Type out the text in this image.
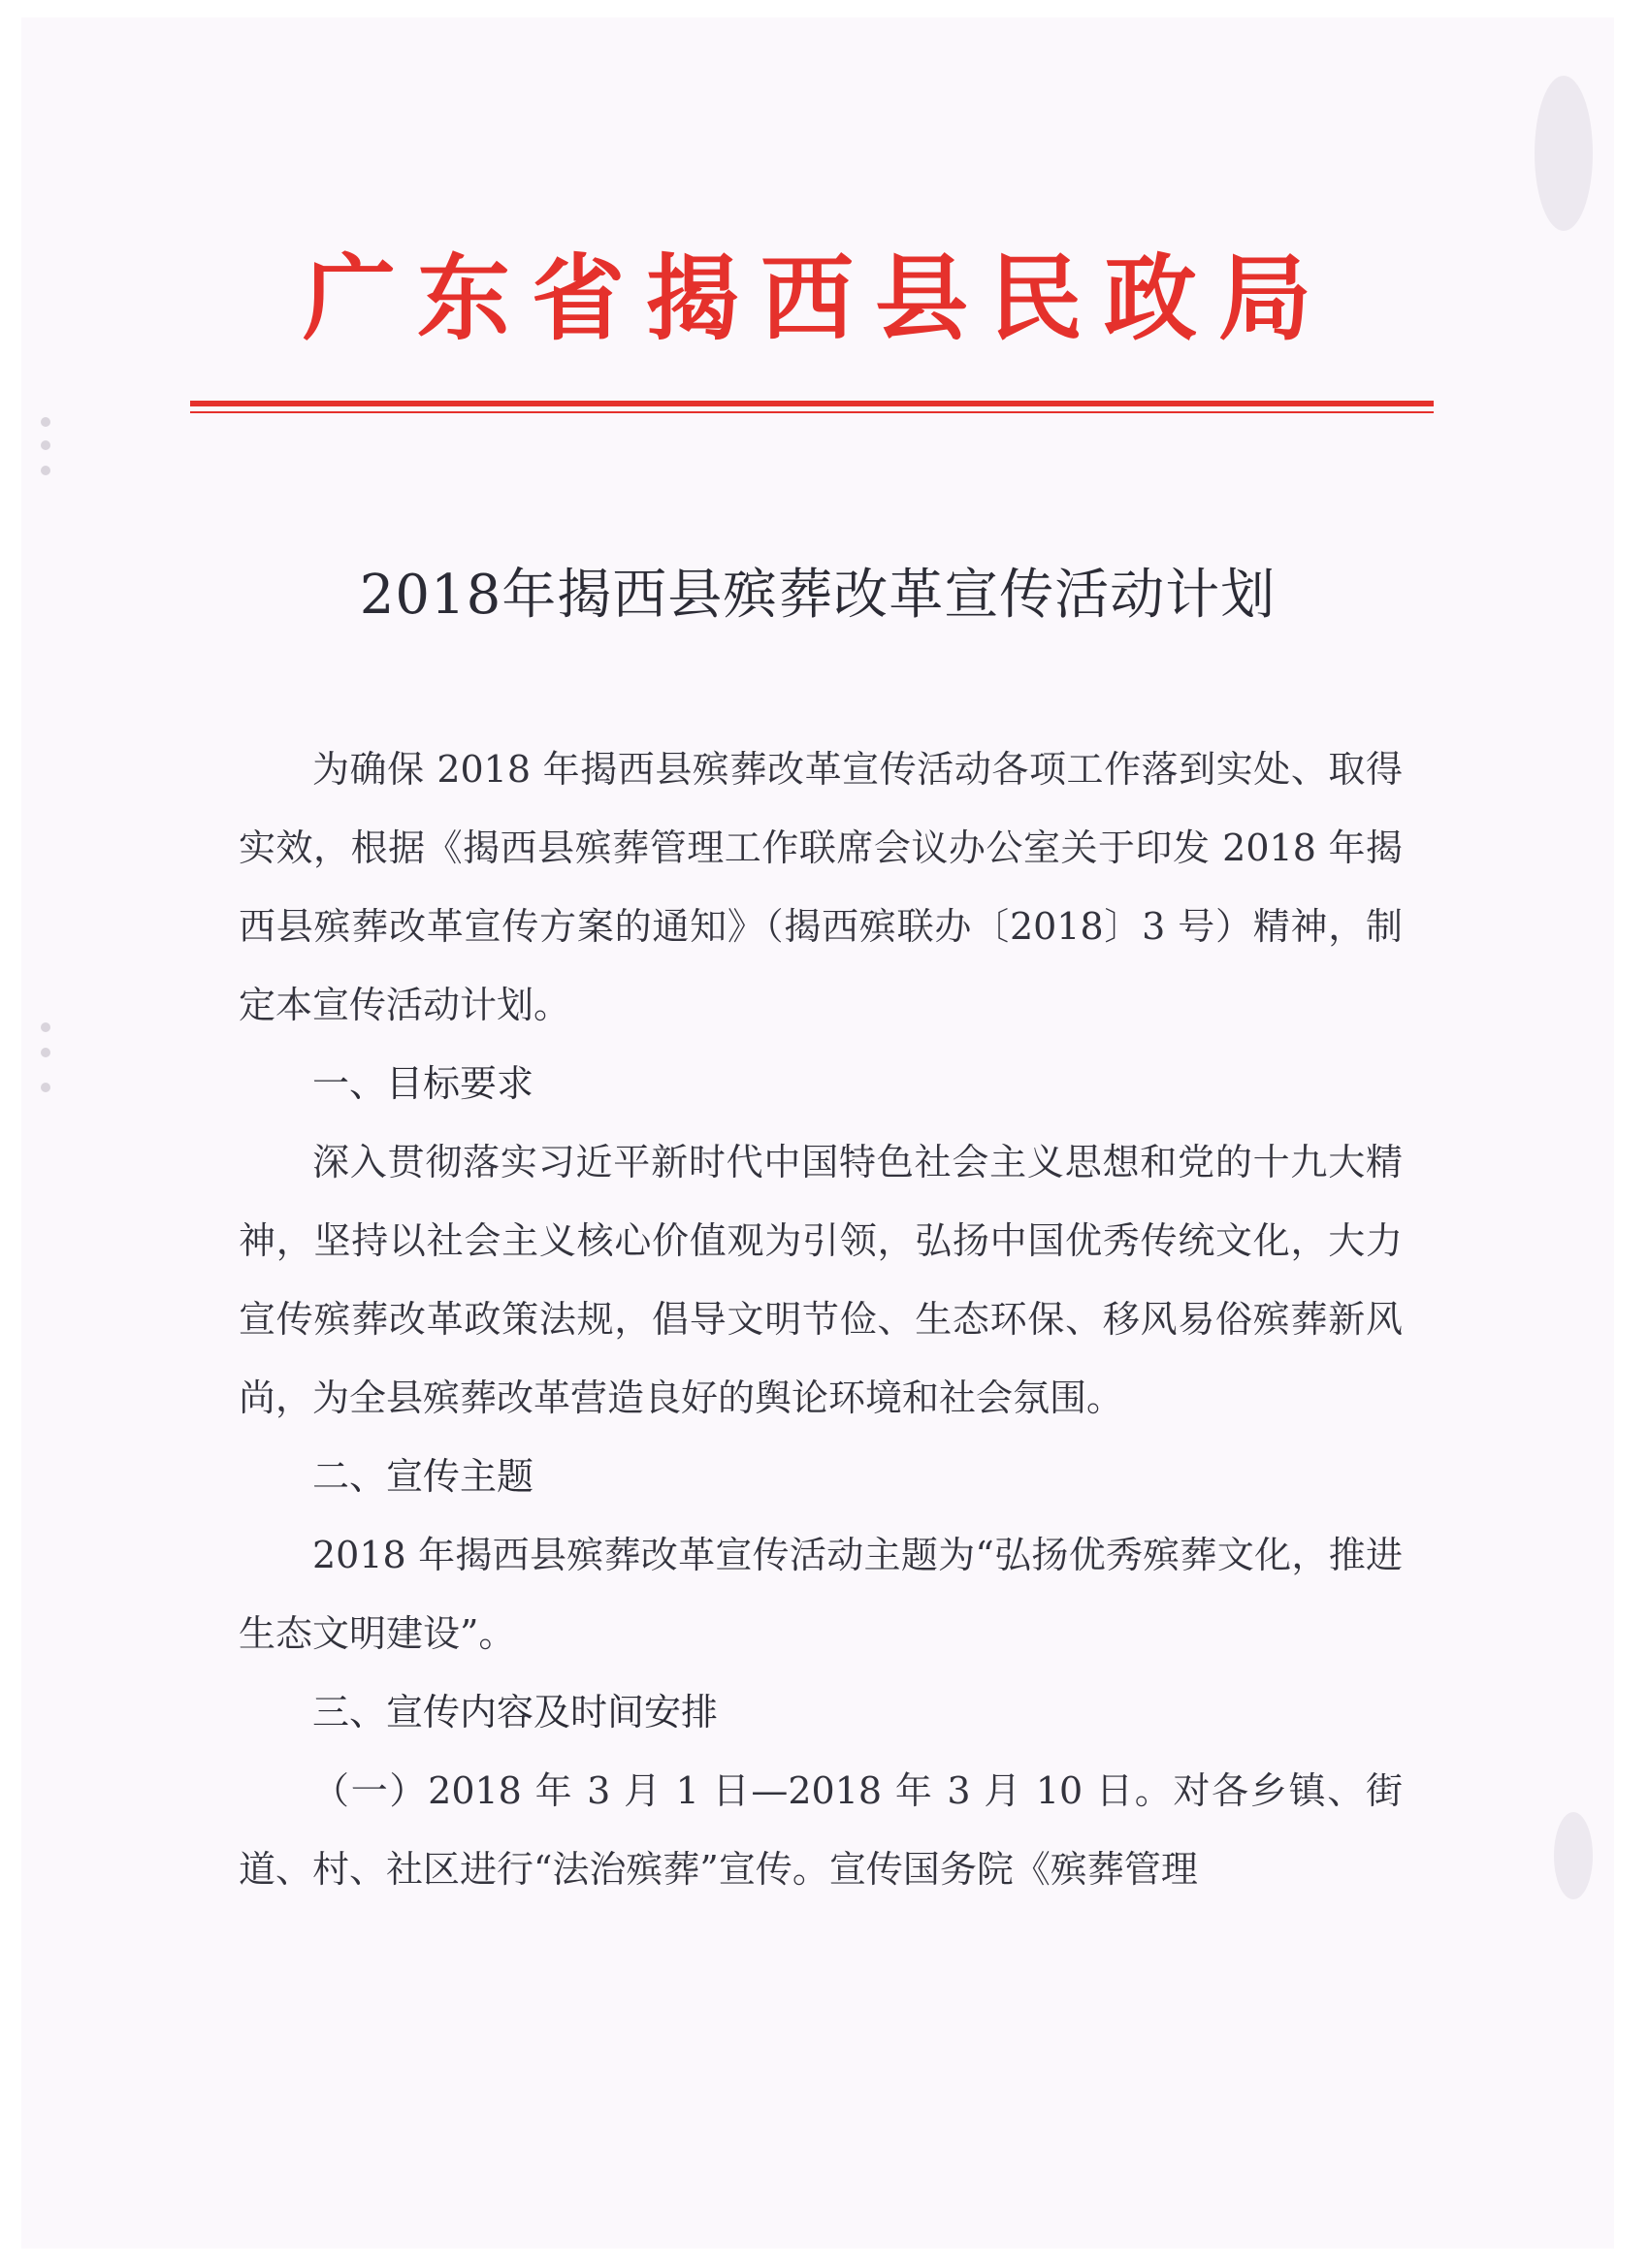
广东省揭西县民政局
2018年揭西县殡葬改革宣传活动计划

为确保 2018 年揭西县殡葬改革宣传活动各项工作落到实处、取得实效，根据《揭西县殡葬管理工作联席会议办公室关于印发 2018 年揭西县殡葬改革宣传方案的通知》（揭西殡联办〔2018〕3 号）精神，制定本宣传活动计划。

一、目标要求

深入贯彻落实习近平新时代中国特色社会主义思想和党的十九大精神，坚持以社会主义核心价值观为引领，弘扬中国优秀传统文化，大力宣传殡葬改革政策法规，倡导文明节俭、生态环保、移风易俗殡葬新风尚，为全县殡葬改革营造良好的舆论环境和社会氛围。

二、宣传主题

2018 年揭西县殡葬改革宣传活动主题为“弘扬优秀殡葬文化，推进生态文明建设”。

三、宣传内容及时间安排

（一）2018 年 3 月 1 日—2018 年 3 月 10 日。对各乡镇、街道、村、社区进行“法治殡葬”宣传。宣传国务院《殡葬管理
